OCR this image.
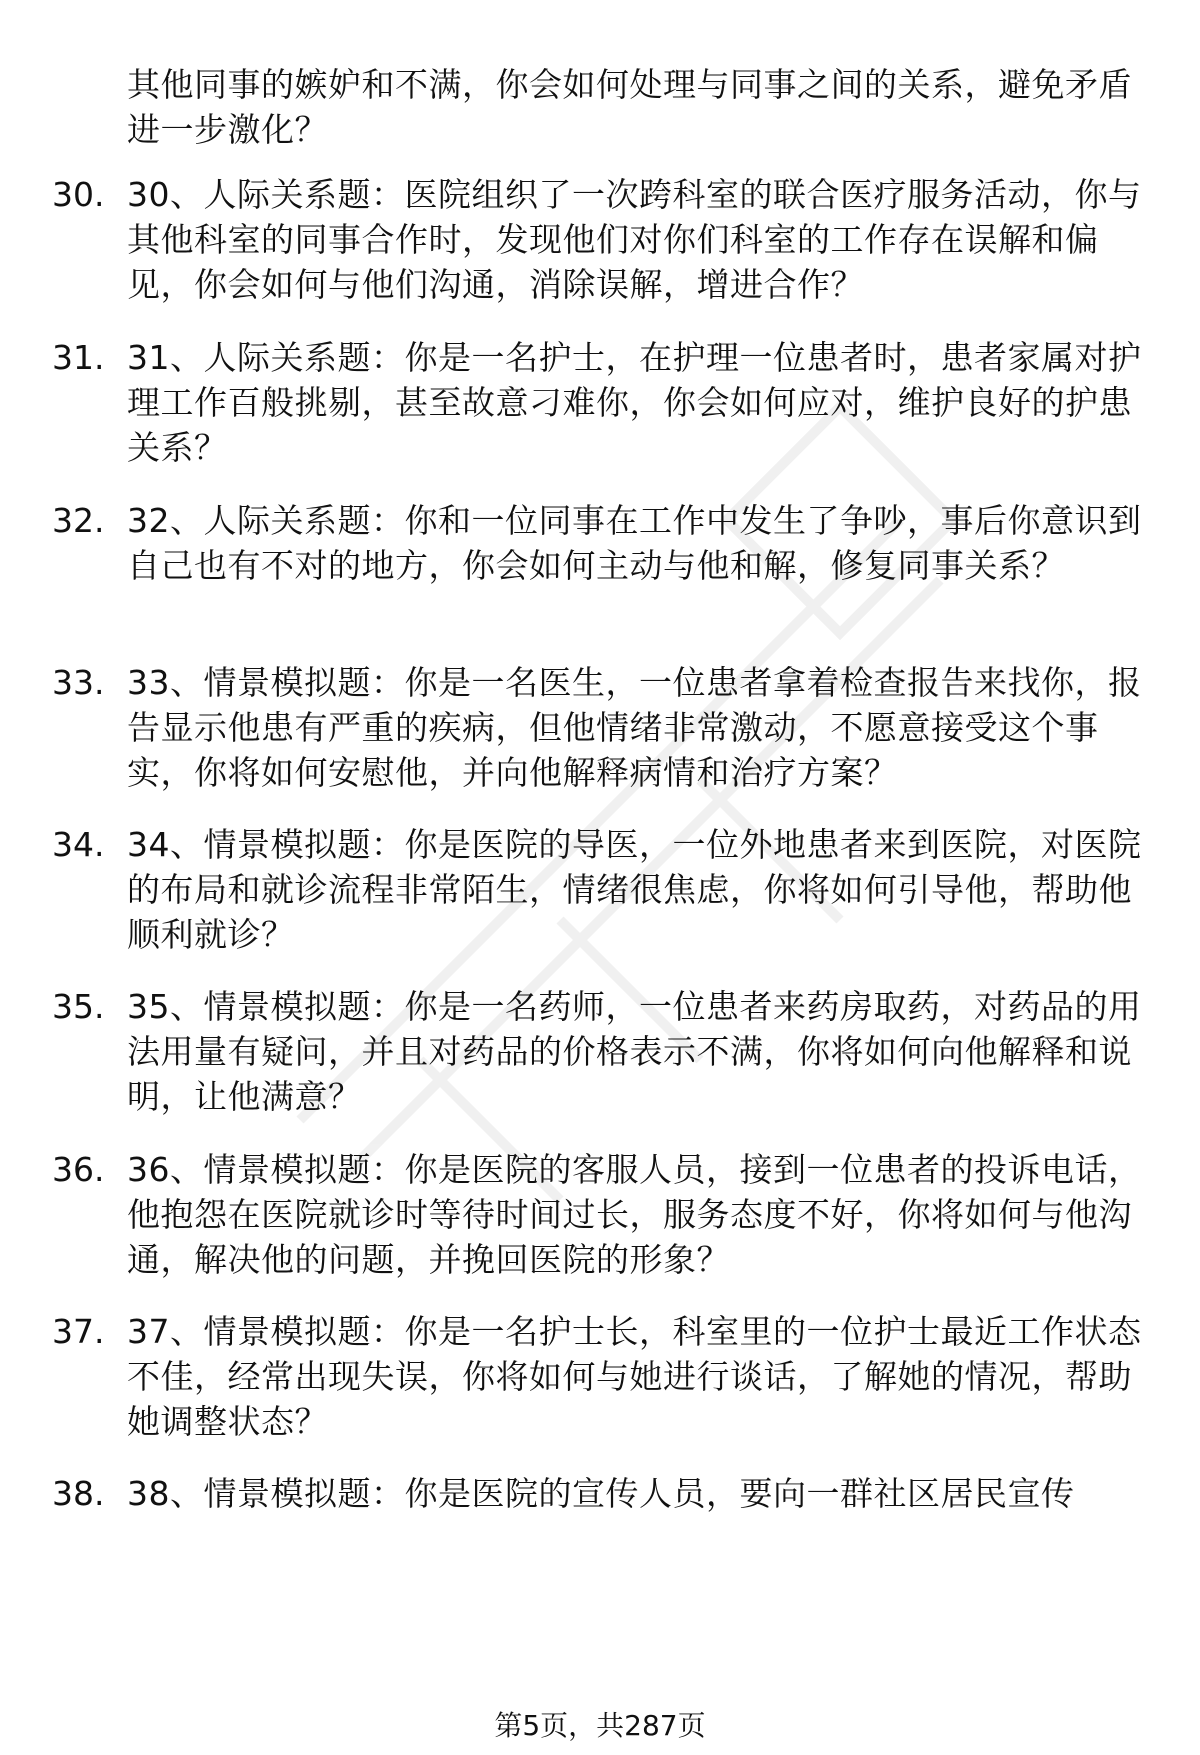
其他同事的嫉妒和不满，你会如何处理与同事之间的关系，避免矛盾进一步激化？
30. 30、人际关系题：医院组织了一次跨科室的联合医疗服务活动，你与其他科室的同事合作时，发现他们对你们科室的工作存在误解和偏见，你会如何与他们沟通，消除误解，增进合作？
31. 31、人际关系题：你是一名护士，在护理一位患者时，患者家属对护理工作百般挑剔，甚至故意刁难你，你会如何应对，维护良好的护患关系？
32. 32、人际关系题：你和一位同事在工作中发生了争吵，事后你意识到自己也有不对的地方，你会如何主动与他和解，修复同事关系？
33. 33、情景模拟题：你是一名医生，一位患者拿着检查报告来找你，报告显示他患有严重的疾病，但他情绪非常激动，不愿意接受这个事实，你将如何安慰他，并向他解释病情和治疗方案？
34. 34、情景模拟题：你是医院的导医，一位外地患者来到医院，对医院的布局和就诊流程非常陌生，情绪很焦虑，你将如何引导他，帮助他顺利就诊？
35. 35、情景模拟题：你是一名药师，一位患者来药房取药，对药品的用法用量有疑问，并且对药品的价格表示不满，你将如何向他解释和说明，让他满意？
36. 36、情景模拟题：你是医院的客服人员，接到一位患者的投诉电话，他抱怨在医院就诊时等待时间过长，服务态度不好，你将如何与他沟通，解决他的问题，并挽回医院的形象？
37. 37、情景模拟题：你是一名护士长，科室里的一位护士最近工作状态不佳，经常出现失误，你将如何与她进行谈话，了解她的情况，帮助她调整状态？
38. 38、情景模拟题：你是医院的宣传人员，要向一群社区居民宣传
第5页，共287页
